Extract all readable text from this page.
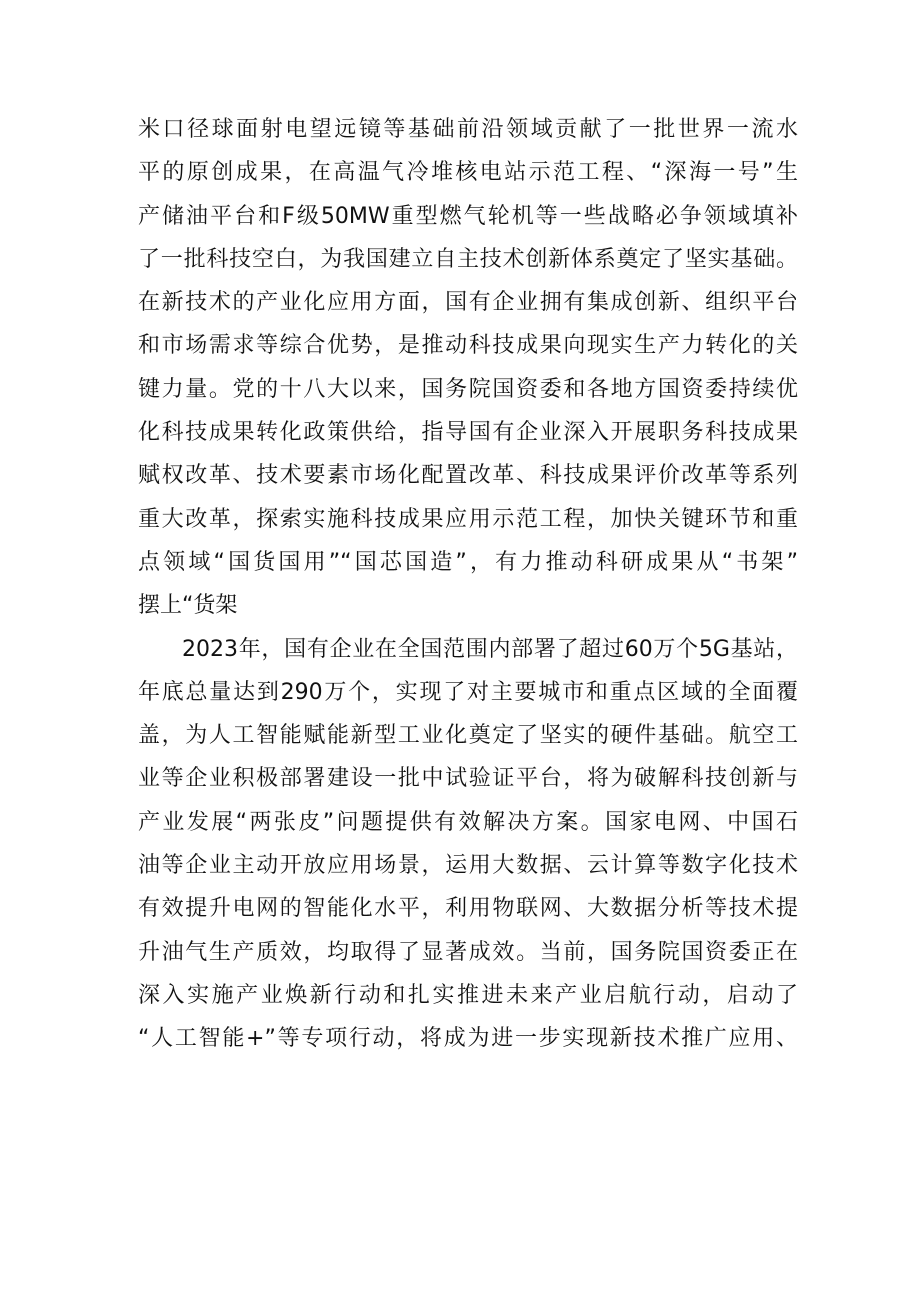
米口径球面射电望远镜等基础前沿领域贡献了一批世界一流水
平的原创成果，在高温气冷堆核电站示范工程、“深海一号”生
产储油平台和F级50MW重型燃气轮机等一些战略必争领域填补
了一批科技空白，为我国建立自主技术创新体系奠定了坚实基础。
在新技术的产业化应用方面，国有企业拥有集成创新、组织平台
和市场需求等综合优势，是推动科技成果向现实生产力转化的关
键力量。党的十八大以来，国务院国资委和各地方国资委持续优
化科技成果转化政策供给，指导国有企业深入开展职务科技成果
赋权改革、技术要素市场化配置改革、科技成果评价改革等系列
重大改革，探索实施科技成果应用示范工程，加快关键环节和重
点领域“国货国用”“国芯国造”，有力推动科研成果从“书架”
摆上“货架
2023年，国有企业在全国范围内部署了超过60万个5G基站，
年底总量达到290万个，实现了对主要城市和重点区域的全面覆
盖，为人工智能赋能新型工业化奠定了坚实的硬件基础。航空工
业等企业积极部署建设一批中试验证平台，将为破解科技创新与
产业发展“两张皮”问题提供有效解决方案。国家电网、中国石
油等企业主动开放应用场景，运用大数据、云计算等数字化技术
有效提升电网的智能化水平，利用物联网、大数据分析等技术提
升油气生产质效，均取得了显著成效。当前，国务院国资委正在
深入实施产业焕新行动和扎实推进未来产业启航行动，启动了
“人工智能+”等专项行动，将成为进一步实现新技术推广应用、
